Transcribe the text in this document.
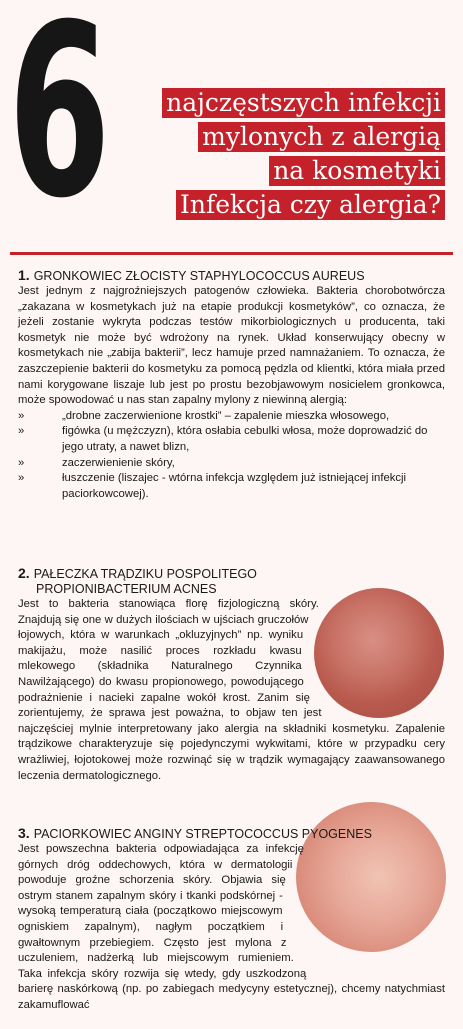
6 najczęstszych infekcji
mylonych z alergią
na kosmetyki
Infekcja czy alergia?
1. GRONKOWIEC ZŁOCISTY STAPHYLOCOCCUS AUREUS
Jest jednym z najgroźniejszych patogenów człowieka. Bakteria chorobotwórcza „zakazana w kosmetykach już na etapie produkcji kosmetyków”, co oznacza, że jeżeli zostanie wykryta podczas testów mikorbiologicznych u producenta, taki kosmetyk nie może być wdrożony na rynek. Układ konserwujący obecny w kosmetykach nie „zabija bakterii”, lecz hamuje przed namnażaniem. To oznacza, że zaszczepienie bakterii do kosmetyku za pomocą pędzla od klientki, która miała przed nami korygowane liszaje lub jest po prostu bezobjawowym nosicielem gronkowca, może spowodować u nas stan zapalny mylony z niewinną alergią:
» „drobne zaczerwienione krostki” – zapalenie mieszka włosowego,
» figówka (u mężczyzn), która osłabia cebulki włosa, może doprowadzić do jego utraty, a nawet blizn,
» zaczerwienienie skóry,
» łuszczenie (liszajec - wtórna infekcja względem już istniejącej infekcji paciorkowcowej).
2. PAŁECZKA TRĄDZIKU POSPOLITEGO
PROPIONIBACTERIUM ACNES
Jest to bakteria stanowiąca florę fizjologiczną skóry. Znajdują się one w dużych ilościach w ujściach gruczołów łojowych, która w warunkach „okluzyjnych” np. wyniku makijażu, może nasilić proces rozkładu kwasu mlekowego (składnika Naturalnego Czynnika Nawilżającego) do kwasu propionowego, powodującego podrażnienie i nacieki zapalne wokół krost. Zanim się zorientujemy, że sprawa jest poważna, to objaw ten jest najczęściej mylnie interpretowany jako alergia na składniki kosmetyku. Zapalenie trądzikowe charakteryzuje się pojedynczymi wykwitami, które w przypadku cery wrażliwiej, łojotokowej może rozwinąć się w trądzik wymagający zaawansowanego leczenia dermatologicznego.
3. PACIORKOWIEC ANGINY STREPTOCOCCUS PYOGENES
Jest powszechna bakteria odpowiadająca za infekcję górnych dróg oddechowych, która w dermatologii powoduje groźne schorzenia skóry. Objawia się ostrym stanem zapalnym skóry i tkanki podskórnej - wysoką temperaturą ciała (początkowo miejscowym ogniskiem zapalnym), nagłym początkiem i gwałtownym przebiegiem. Często jest mylona z uczuleniem, nadżerką lub miejscowym rumieniem. Taka infekcja skóry rozwija się wtedy, gdy uszkodzoną barierę naskórkową (np. po zabiegach medycyny estetycznej), chcemy natychmiast zakamuflować
